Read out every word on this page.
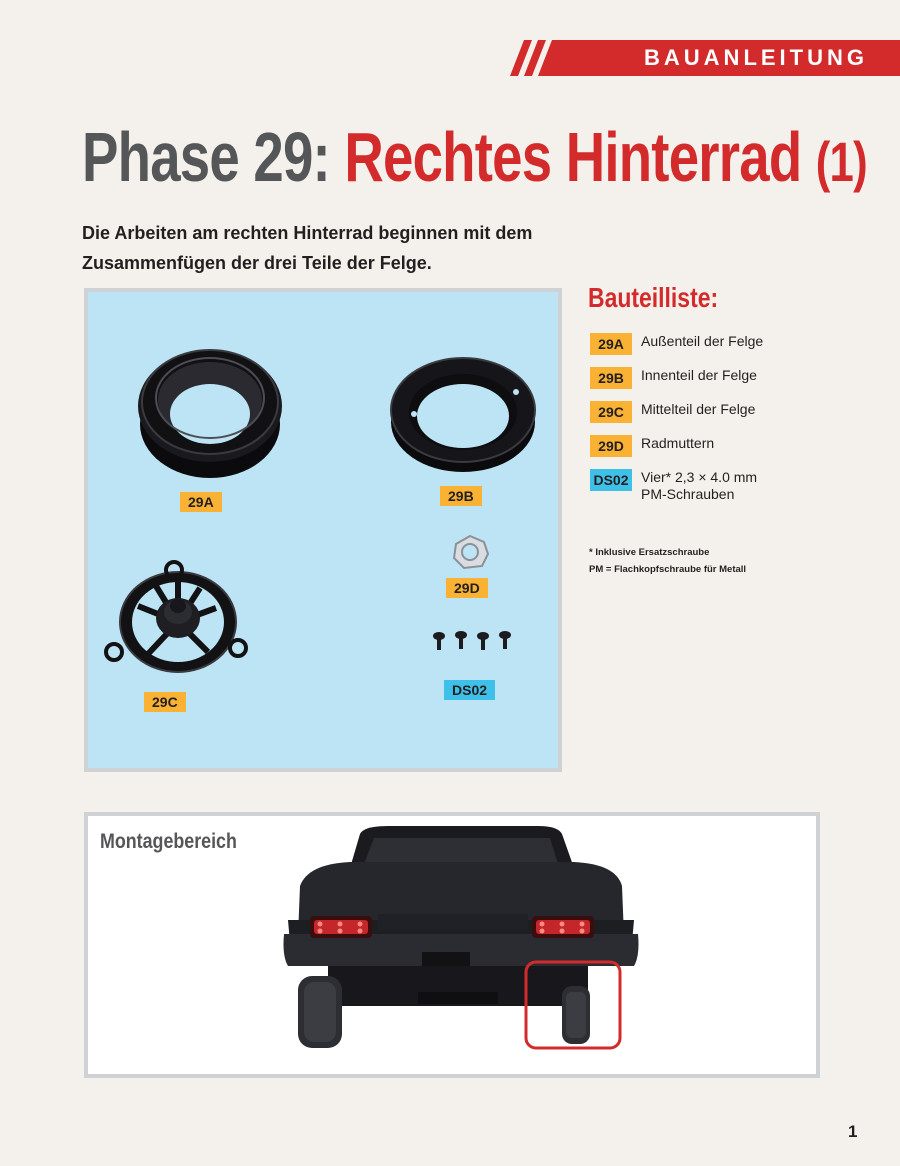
BAUANLEITUNG
Phase 29: Rechtes Hinterrad (1)

Die Arbeiten am rechten Hinterrad beginnen mit dem Zusammenfügen der drei Teile der Felge.

29A	29B
29D
DS02
29C
Bauteilliste:
29A	Außenteil der Felge
29B	Innenteil der Felge
29C	Mittelteil der Felge
29D	Radmuttern
DS02 Vier* 2,3 × 4.0 mm
PM-Schrauben
* Inklusive Ersatzschraube
PM = Flachkopfschraube für Metall
Montagebereich
1
